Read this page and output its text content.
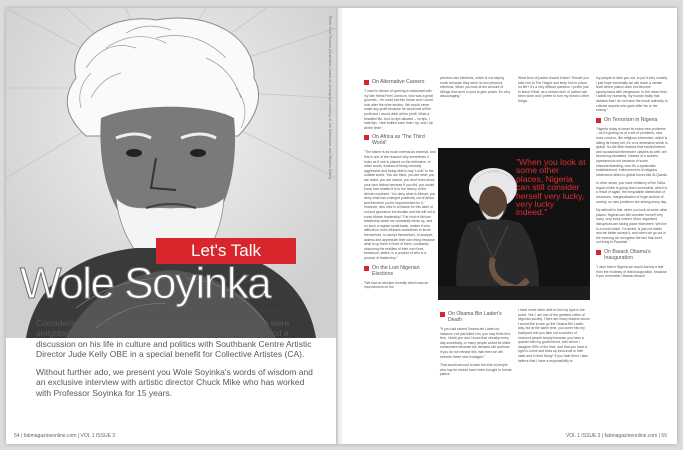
Photo: Don Thomas (Illustration: based on photograph courtesy of Jan Slikkerveer and Stephen Davis)
Let's Talk
Wole Soyinka
By Lisa Dobbs

Considering how notoriously private the great professor is, we were delighted to have Wole Soyinka grace London in June and attend a discussion on his life in culture and politics with Southbank Centre Artistic Director Jude Kelly OBE in a special benefit for Collective Artistes (CA).

Without further ado, we present you Wole Soyinka's words of wisdom and an exclusive interview with artistic director Chuck Mike who has worked with Professor Soyinka for 15 years.

54 | fabmagazineonline.com | VOL 1 ISSUE 3
On Alternative Careers

"I used to dream of opening a restaurant with my late friend Femi Johnson, who was a great gourmet – he could eat this house and I could look after the wine section. We would never make any profit because he would eat all the profit and I would drink all the profit. What a beautiful life. And no tips allowed – no tips, I hate tips. I feel bullied each time I tip, and I tip all the time!"

On Africa as 'The Third World'

"The blame is as much internal as external, and this is one of the reasons why sometimes it looks as if one is placed on the defensive. In other words, instead of being normally aggressive and being able to say 'Look!' to the outside world, 'You are blind, you are deaf, you are racist, you are insular, you don't even know your own history because if you did, you would know how related it is to the history of the African continent. You deny what is African, you deny what has emerged positively out of Africa and therefore you're impoverished for it.' However, who else is to blame for this label of not just ignorance but disdain and the will not to know African leadership? The kind of African leadership which we constantly throw up, and on such a regular serial basis, makes it very difficult for even Africans sometimes to know themselves, to accept themselves, to analyse, assess and appreciate their own thing because what is up there in front of them, constantly obscuring the realities of their own lives, behaviour, tastes, is a product of who is a product of leadership."

On the Lost Nigerian Elections

"We had an election recently which was an improvement on the

previous two elections, which is not saying much because they were no two previous elections. When you look at the amount of killings that went on just to gain power, it's very discouraging."

What form of justice should it take? Should you take him to The Hague and keep him in prison for life? It's a very difficult question. I prefer just to leave it that, as a certain form of justice has been done and I prefer to turn my mind to other things.

my people to take you out, to put it very crudely. I just hope eventually we will reach a certain level where justice does not become synonymous with vengeance. In the mean time, I admit my humanity, my human frailty that dictates that I do not have the moral authority to criticise anyone who goes after his or her enemy."

On Terrorism in Nigeria

"Nigeria today is beset by many new problems – as it's getting rid of a set of problems, new ones come in, like religious extremism, which is taking its heavy toll. It's on a dimension which is global. So the little rivalries that existed before, and occasional internecine clashes as well, are becoming escalated. Instead of a sudden, spontaneous riot because of some misunderstanding, now it's a systematic establishment, enthronement of religious intolerance allied to global forces like Al-Qaeda.

In other areas, you have militancy of the Delta region which is going down somewhat, which is a result of again, the inequitable distribution of resources, marginalisation of huge sectors of society, so new problems are arising every day.

My attitude is this: when you look at some other places, Nigeria can still consider herself very lucky, very lucky indeed. More organised disruptions are taking place elsewhere. We live in a world which, I'm afraid, is just not stable and we better accept it, and when we go out in the morning we recognise the fact that we're not living in Paradise."

On Barack Obama's Inauguration

"I wish that in Nigeria we would borrow a leaf from the modesty of that inauguration, because if you remember Obama refused

"When you look at some other places, Nigeria can still consider herself very lucky, very lucky indeed."
On Obama Bin Laden's Death

"If you had seized Osama bin Laden for instance, not just killed him, you may think he's free. I think you and I know that virtually every day somebody, or many people would be killed somewhere because the demand will continue if you do not release this man then we will execute these new hostages."

That would amount to take the side of people who say he should have been brought to formal justice.

I have never been able to find my spot in the world. Yes, I am one of the greatest critics of Nigerian society. There are many leaders whom I would like to see go the Osama Bin Laden way, but at the same time, you come into my backyard and you take out a number of innocent people simply because you have a quarrel with my government, with whom I disagree 99% of the time, and that you have a right to come and blow up innocents in their state and in their living? If you hate them I also believe that I have a responsibility to

VOL 1 ISSUE 3 | fabmagazineonline.com | 55
